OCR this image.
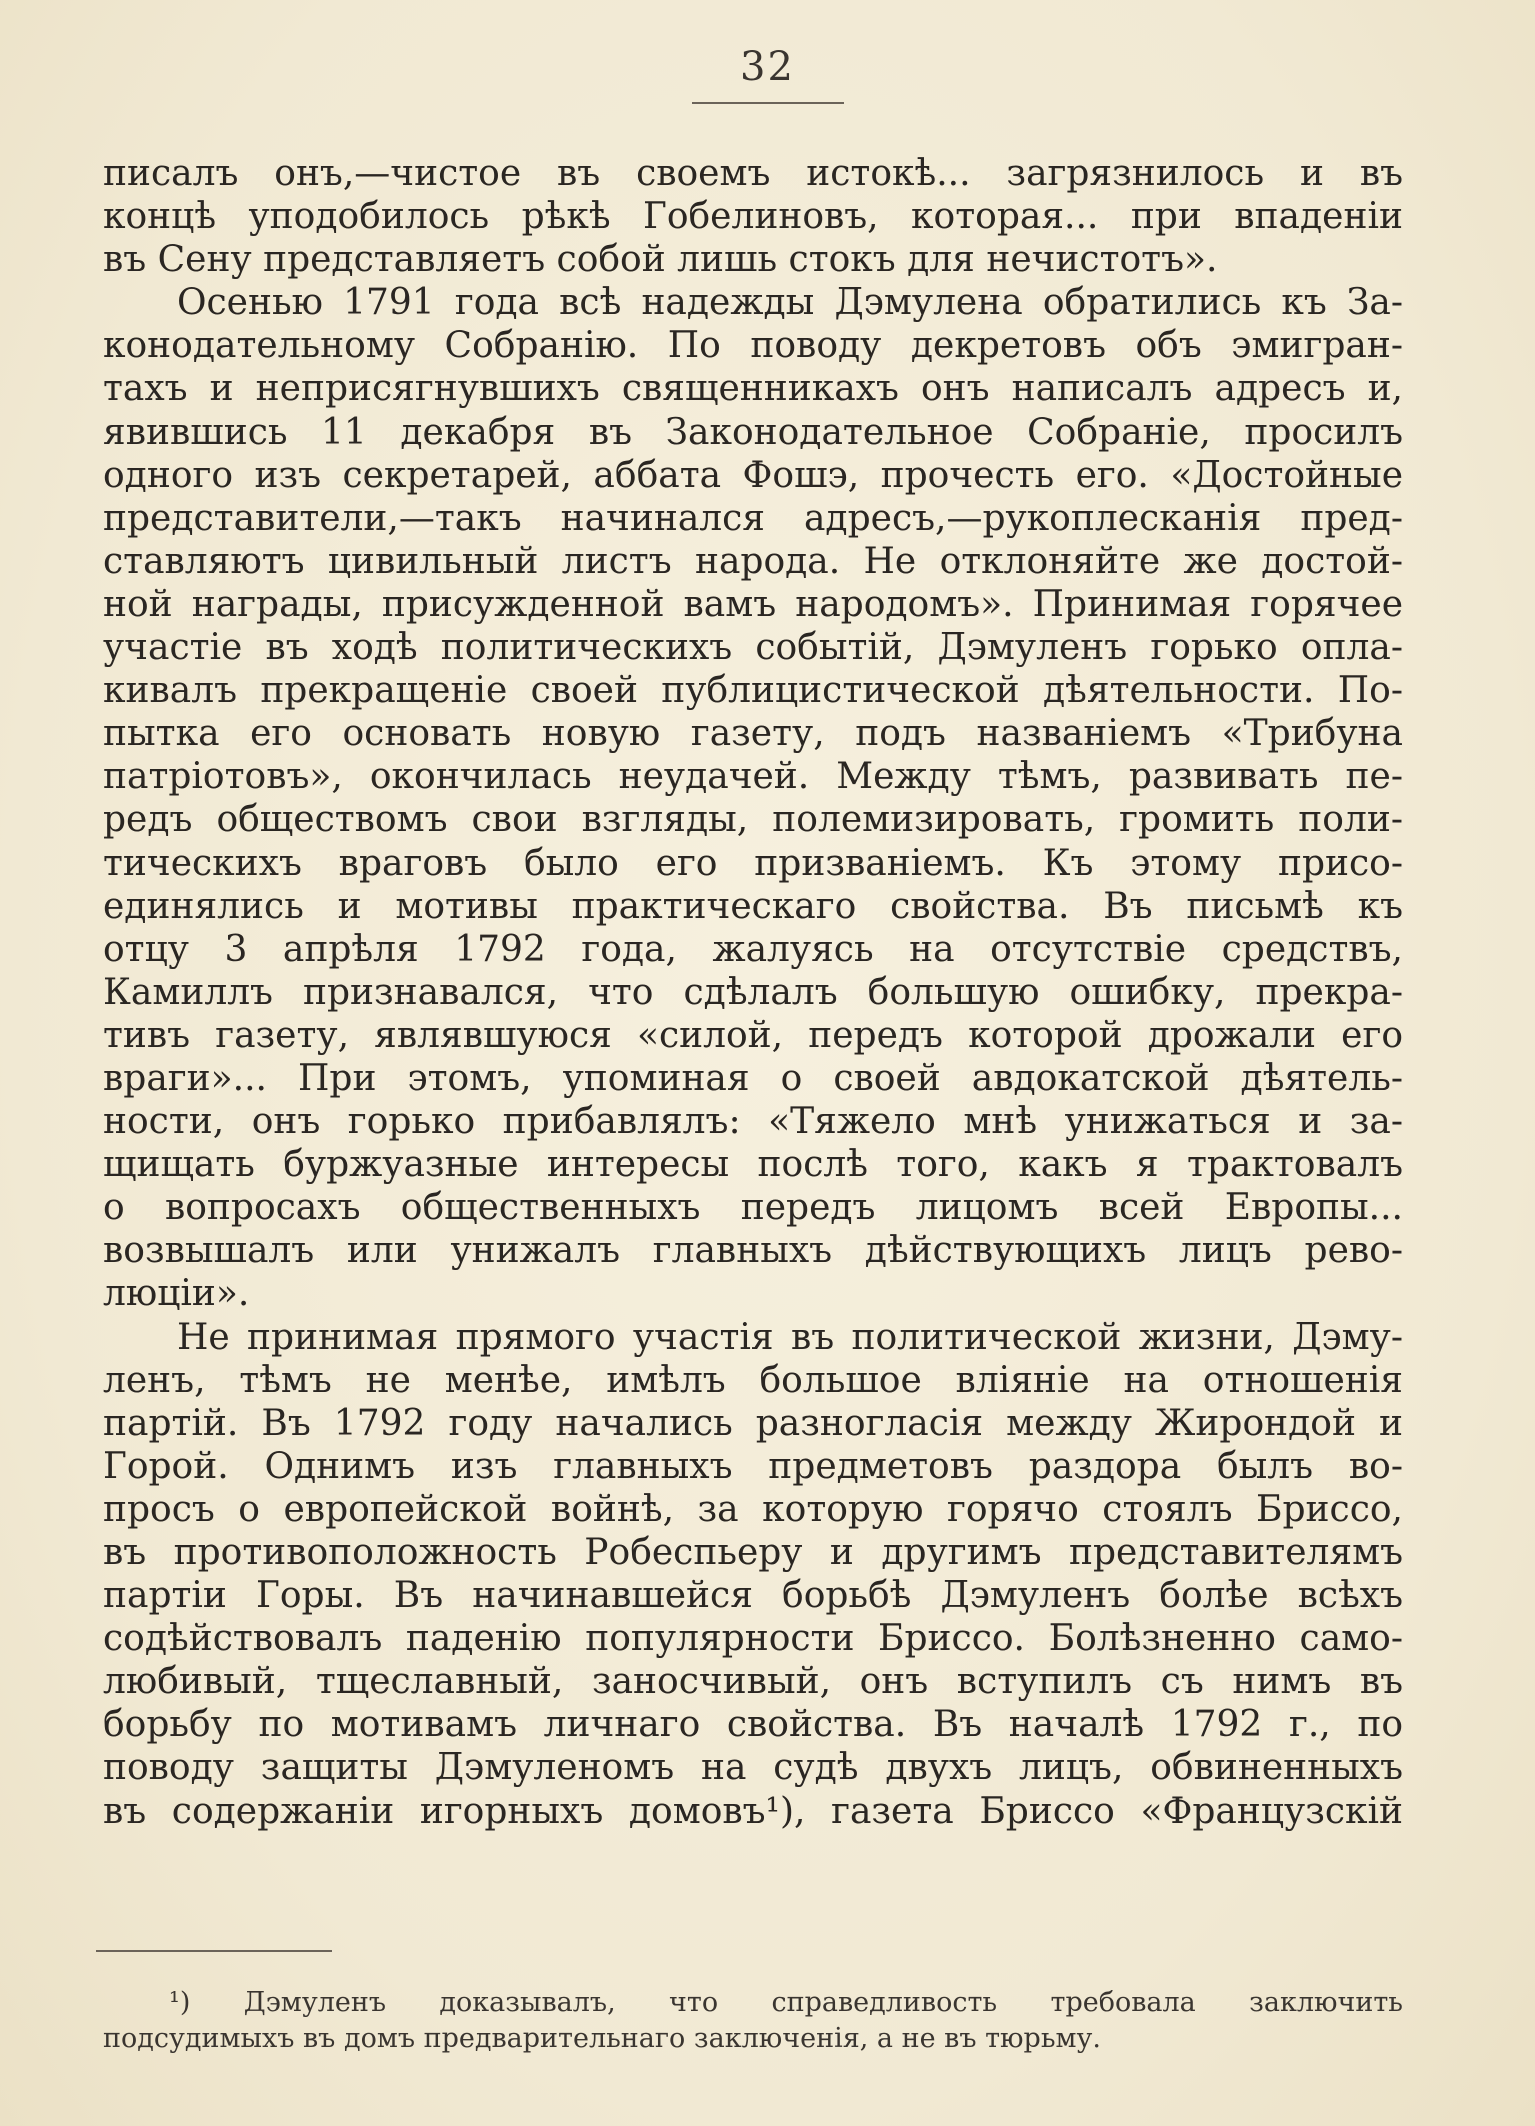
32
писалъ онъ,—чистое въ своемъ истокѣ... загрязнилось и въ
концѣ уподобилось рѣкѣ Гобелиновъ, которая... при впаденіи
въ Сену представляетъ собой лишь стокъ для нечистотъ».
Осенью 1791 года всѣ надежды Дэмулена обратились къ За-
конодательному Собранію. По поводу декретовъ объ эмигран-
тахъ и неприсягнувшихъ священникахъ онъ написалъ адресъ и,
явившись 11 декабря въ Законодательное Собраніе, просилъ
одного изъ секретарей, аббата Фошэ, прочесть его. «Достойные
представители,—такъ начинался адресъ,—рукоплесканія пред-
ставляютъ цивильный листъ народа. Не отклоняйте же достой-
ной награды, присужденной вамъ народомъ». Принимая горячее
участіе въ ходѣ политическихъ событій, Дэмуленъ горько опла-
кивалъ прекращеніе своей публицистической дѣятельности. По-
пытка его основать новую газету, подъ названіемъ «Трибуна
патріотовъ», окончилась неудачей. Между тѣмъ, развивать пе-
редъ обществомъ свои взгляды, полемизировать, громить поли-
тическихъ враговъ было его призваніемъ. Къ этому присо-
единялись и мотивы практическаго свойства. Въ письмѣ къ
отцу 3 апрѣля 1792 года, жалуясь на отсутствіе средствъ,
Камиллъ признавался, что сдѣлалъ большую ошибку, прекра-
тивъ газету, являвшуюся «силой, передъ которой дрожали его
враги»... При этомъ, упоминая о своей авдокатской дѣятель-
ности, онъ горько прибавлялъ: «Тяжело мнѣ унижаться и за-
щищать буржуазные интересы послѣ того, какъ я трактовалъ
о вопросахъ общественныхъ передъ лицомъ всей Европы...
возвышалъ или унижалъ главныхъ дѣйствующихъ лицъ рево-
люціи».
Не принимая прямого участія въ политической жизни, Дэму-
ленъ, тѣмъ не менѣе, имѣлъ большое вліяніе на отношенія
партій. Въ 1792 году начались разногласія между Жирондой и
Горой. Однимъ изъ главныхъ предметовъ раздора былъ во-
просъ о европейской войнѣ, за которую горячо стоялъ Бриссо,
въ противоположность Робеспьеру и другимъ представителямъ
партіи Горы. Въ начинавшейся борьбѣ Дэмуленъ болѣе всѣхъ
содѣйствовалъ паденію популярности Бриссо. Болѣзненно само-
любивый, тщеславный, заносчивый, онъ вступилъ съ нимъ въ
борьбу по мотивамъ личнаго свойства. Въ началѣ 1792 г., по
поводу защиты Дэмуленомъ на судѣ двухъ лицъ, обвиненныхъ
въ содержаніи игорныхъ домовъ¹), газета Бриссо «Французскій
¹) Дэмуленъ доказывалъ, что справедливость требовала заключить
подсудимыхъ въ домъ предварительнаго заключенія, а не въ тюрьму.
